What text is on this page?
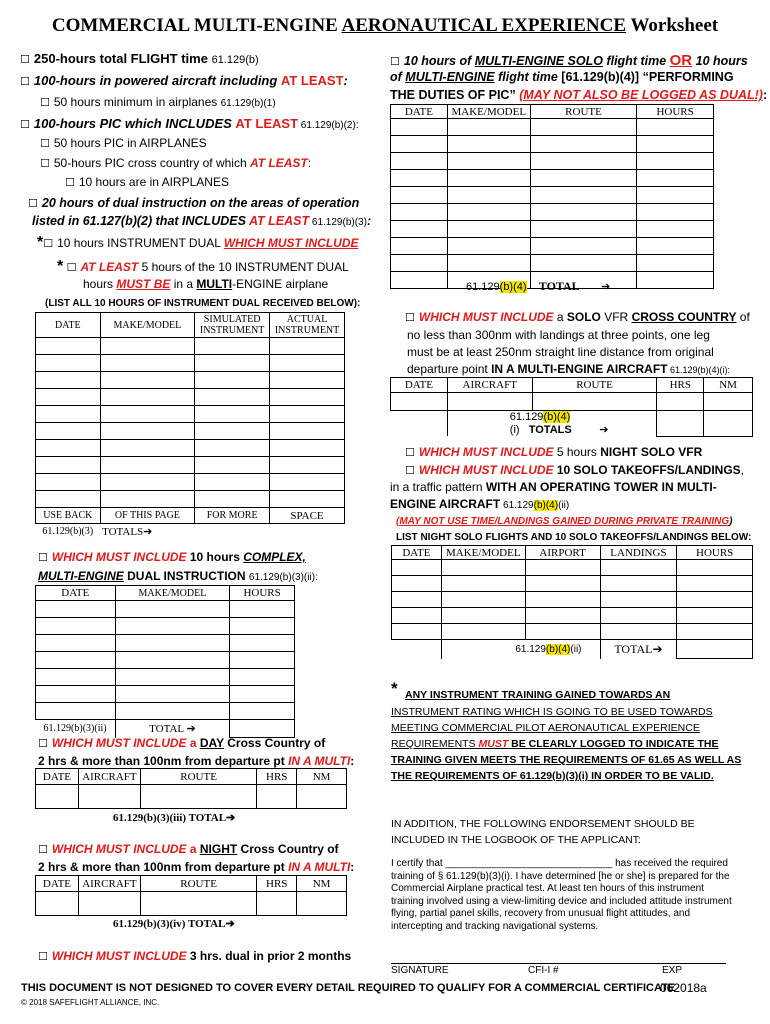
COMMERCIAL MULTI-ENGINE AERONAUTICAL EXPERIENCE Worksheet
☐ 250-hours total FLIGHT time 61.129(b)
☐ 100-hours in powered aircraft including AT LEAST:
☐ 50 hours minimum in airplanes 61.129(b)(1)
☐ 100-hours PIC which INCLUDES AT LEAST 61.129(b)(2):
☐ 50 hours PIC in AIRPLANES
☐ 50-hours PIC cross country of which AT LEAST:
☐ 10 hours are in AIRPLANES
☐ 20 hours of dual instruction on the areas of operation
listed in 61.127(b)(2) that INCLUDES AT LEAST 61.129(b)(3):
*☐ 10 hours INSTRUMENT DUAL WHICH MUST INCLUDE
* ☐ AT LEAST 5 hours of the 10 INSTRUMENT DUAL
hours MUST BE in a MULTI-ENGINE airplane
(LIST ALL 10 HOURS OF INSTRUMENT DUAL RECEIVED BELOW):
DATE	MAKE/MODEL	SIMULATED INSTRUMENT	ACTUAL INSTRUMENT

USE BACK	OF THIS PAGE	FOR MORE	SPACE
61.129(b)(3)	TOTALS➔		
☐ WHICH MUST INCLUDE 10 hours COMPLEX,
MULTI-ENGINE DUAL INSTRUCTION 61.129(b)(3)(ii):
DATE	MAKE/MODEL	HOURS

61.129(b)(3)(ii)	TOTAL ➔	
☐ WHICH MUST INCLUDE a DAY Cross Country of
2 hrs & more than 100nm from departure pt IN A MULTI:
DATE	AIRCRAFT	ROUTE	HRS	NM

61.129(b)(3)(iii) TOTAL➔
☐ WHICH MUST INCLUDE a NIGHT Cross Country of
2 hrs & more than 100nm from departure pt IN A MULTI:
DATE	AIRCRAFT	ROUTE	HRS	NM

61.129(b)(3)(iv) TOTAL➔
☐ WHICH MUST INCLUDE 3 hrs. dual in prior 2 months
☐ 10 hours of MULTI-ENGINE SOLO flight time OR 10 hours
of MULTI-ENGINE flight time [61.129(b)(4)] “PERFORMING
THE DUTIES OF PIC” (MAY NOT ALSO BE LOGGED AS DUAL!):
DATE	MAKE/MODEL	ROUTE	HOURS

61.129(b)(4) TOTAL ➔
☐ WHICH MUST INCLUDE a SOLO VFR CROSS COUNTRY of
no less than 300nm with landings at three points, one leg
must be at least 250nm straight line distance from original
departure point IN A MULTI-ENGINE AIRCRAFT 61.129(b)(4)(i):
DATE	AIRCRAFT	ROUTE	HRS	NM

	61.129(b)(4)(i) TOTALS ➔			
☐ WHICH MUST INCLUDE 5 hours NIGHT SOLO VFR
☐ WHICH MUST INCLUDE 10 SOLO TAKEOFFS/LANDINGS,
in a traffic pattern WITH AN OPERATING TOWER IN MULTI-
ENGINE AIRCRAFT 61.129(b)(4)(ii)
(MAY NOT USE TIME/LANDINGS GAINED DURING PRIVATE TRAINING)
LIST NIGHT SOLO FLIGHTS AND 10 SOLO TAKEOFFS/LANDINGS BELOW:
DATE	MAKE/MODEL	AIRPORT	LANDINGS	HOURS

	61.129(b)(4)(ii)		TOTAL➔	
* ANY INSTRUMENT TRAINING GAINED TOWARDS AN
INSTRUMENT RATING WHICH IS GOING TO BE USED TOWARDS
MEETING COMMERCIAL PILOT AERONAUTICAL EXPERIENCE
REQUIREMENTS MUST BE CLEARLY LOGGED TO INDICATE THE
TRAINING GIVEN MEETS THE REQUIREMENTS OF 61.65 AS WELL AS
THE REQUIREMENTS OF 61.129(b)(3)(i) IN ORDER TO BE VALID.
IN ADDITION, THE FOLLOWING ENDORSEMENT SHOULD BE
INCLUDED IN THE LOGBOOK OF THE APPLICANT:
I certify that ______________________________ has received the required
training of § 61.129(b)(3)(i). I have determined [he or she] is prepared for the
Commercial Airplane practical test. At least ten hours of this instrument
training involved using a view-limiting device and included attitude instrument
flying, partial panel skills, recovery from unusual flight attitudes, and
intercepting and tracking navigational systems.
SIGNATURE	CFI-I #	EXP
THIS DOCUMENT IS NOT DESIGNED TO COVER EVERY DETAIL REQUIRED TO QUALIFY FOR A COMMERCIAL CERTIFICATE
062018a
© 2018 SAFEFLIGHT ALLIANCE, INC.
